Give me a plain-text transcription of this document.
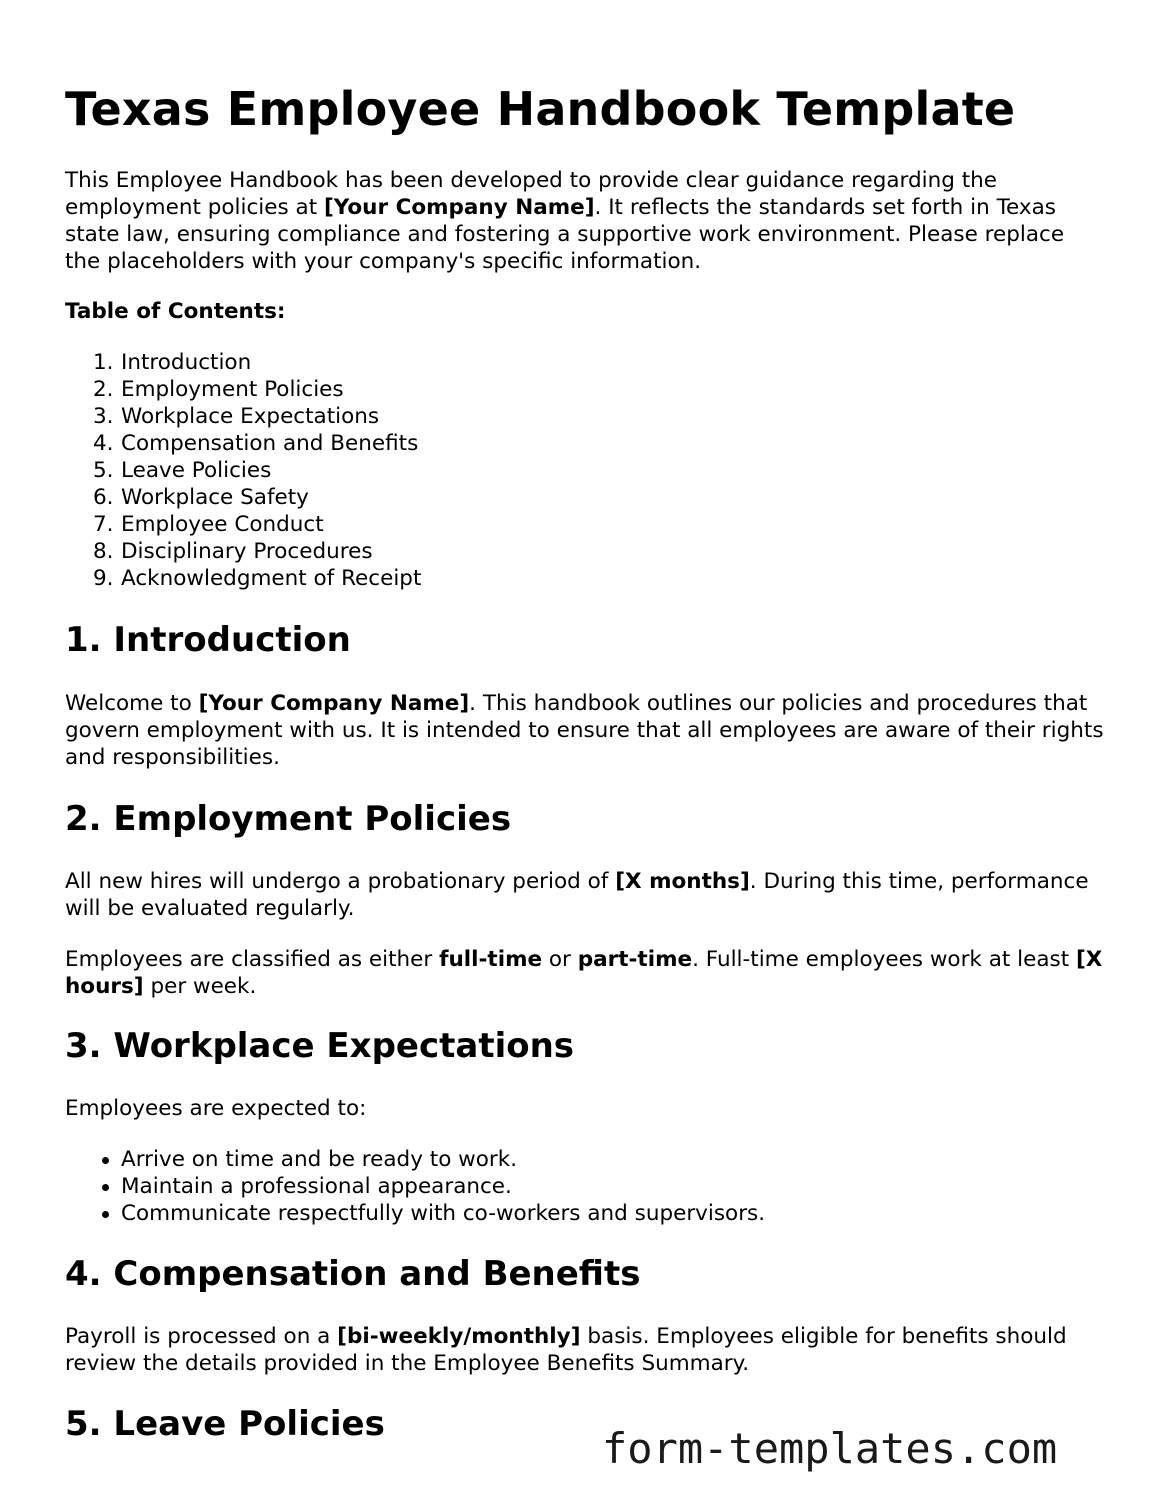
Texas Employee Handbook Template

This Employee Handbook has been developed to provide clear guidance regarding the employment policies at [Your Company Name]. It reflects the standards set forth in Texas state law, ensuring compliance and fostering a supportive work environment. Please replace the placeholders with your company's specific information.

Table of Contents:

1. Introduction
2. Employment Policies
3. Workplace Expectations
4. Compensation and Benefits
5. Leave Policies
6. Workplace Safety
7. Employee Conduct
8. Disciplinary Procedures
9. Acknowledgment of Receipt
1. Introduction

Welcome to [Your Company Name]. This handbook outlines our policies and procedures that govern employment with us. It is intended to ensure that all employees are aware of their rights and responsibilities.

2. Employment Policies

All new hires will undergo a probationary period of [X months]. During this time, performance will be evaluated regularly.

Employees are classified as either full-time or part-time. Full-time employees work at least [X hours] per week.

3. Workplace Expectations

Employees are expected to:

Arrive on time and be ready to work.
Maintain a professional appearance.
Communicate respectfully with co-workers and supervisors.
4. Compensation and Benefits

Payroll is processed on a [bi-weekly/monthly] basis. Employees eligible for benefits should review the details provided in the Employee Benefits Summary.

5. Leave Policies	form-templates.com
